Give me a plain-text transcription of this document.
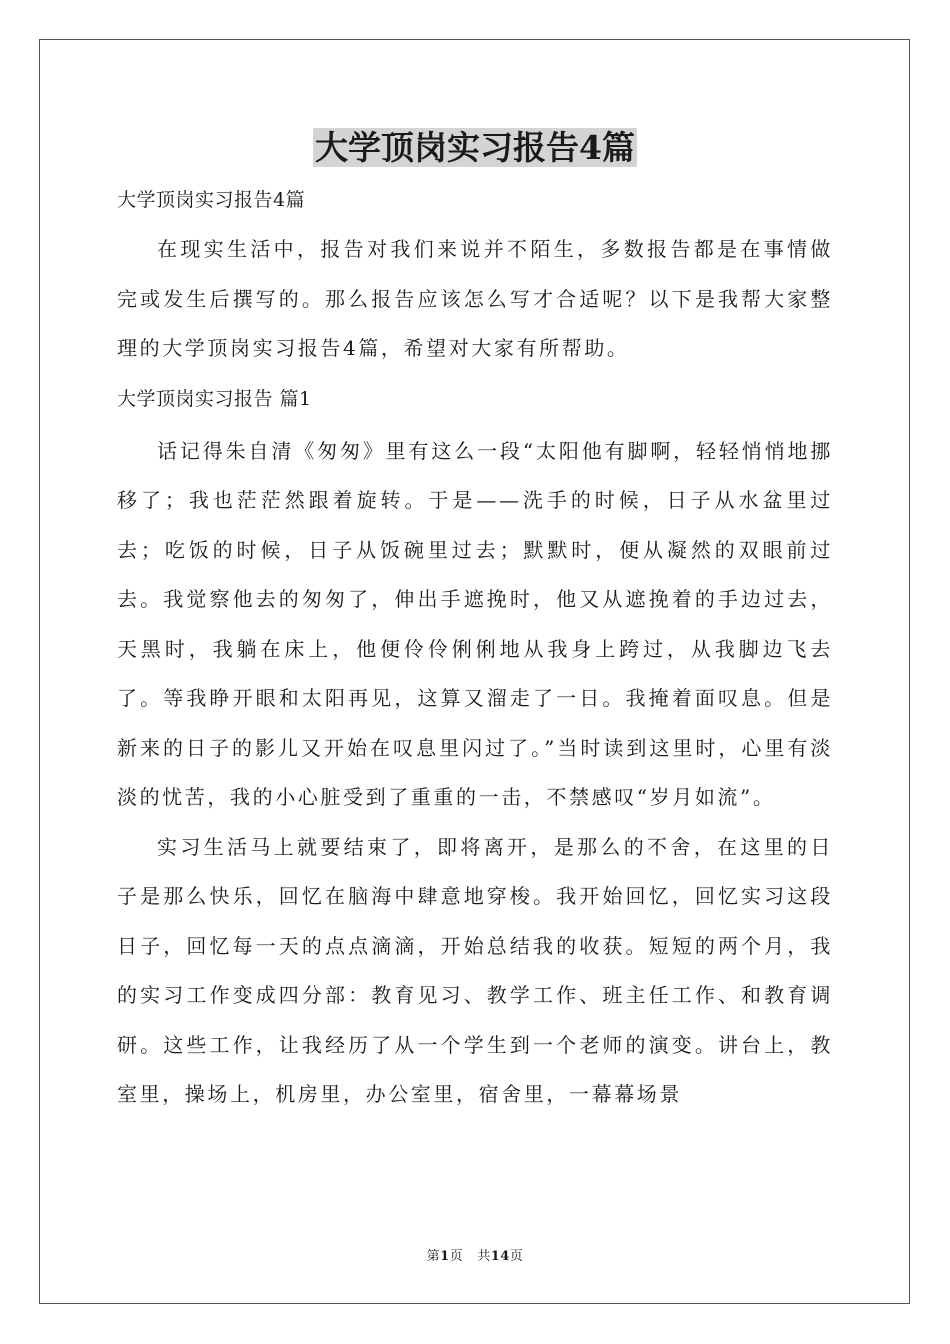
大学顶岗实习报告4篇

大学顶岗实习报告4篇

在现实生活中，报告对我们来说并不陌生，多数报告都是在事情做完或发生后撰写的。那么报告应该怎么写才合适呢？以下是我帮大家整理的大学顶岗实习报告4篇，希望对大家有所帮助。

大学顶岗实习报告 篇1

话记得朱自清《匆匆》里有这么一段“太阳他有脚啊，轻轻悄悄地挪移了；我也茫茫然跟着旋转。于是——洗手的时候，日子从水盆里过去；吃饭的时候，日子从饭碗里过去；默默时，便从凝然的双眼前过去。我觉察他去的匆匆了，伸出手遮挽时，他又从遮挽着的手边过去，天黑时，我躺在床上，他便伶伶俐俐地从我身上跨过，从我脚边飞去了。等我睁开眼和太阳再见，这算又溜走了一日。我掩着面叹息。但是新来的日子的影儿又开始在叹息里闪过了。”当时读到这里时，心里有淡淡的忧苦，我的小心脏受到了重重的一击，不禁感叹“岁月如流”。

实习生活马上就要结束了，即将离开，是那么的不舍，在这里的日子是那么快乐，回忆在脑海中肆意地穿梭。我开始回忆，回忆实习这段日子，回忆每一天的点点滴滴，开始总结我的收获。短短的两个月，我的实习工作变成四分部：教育见习、教学工作、班主任工作、和教育调研。这些工作，让我经历了从一个学生到一个老师的演变。讲台上，教室里，操场上，机房里，办公室里，宿舍里，一幕幕场景

第1页 共14页
